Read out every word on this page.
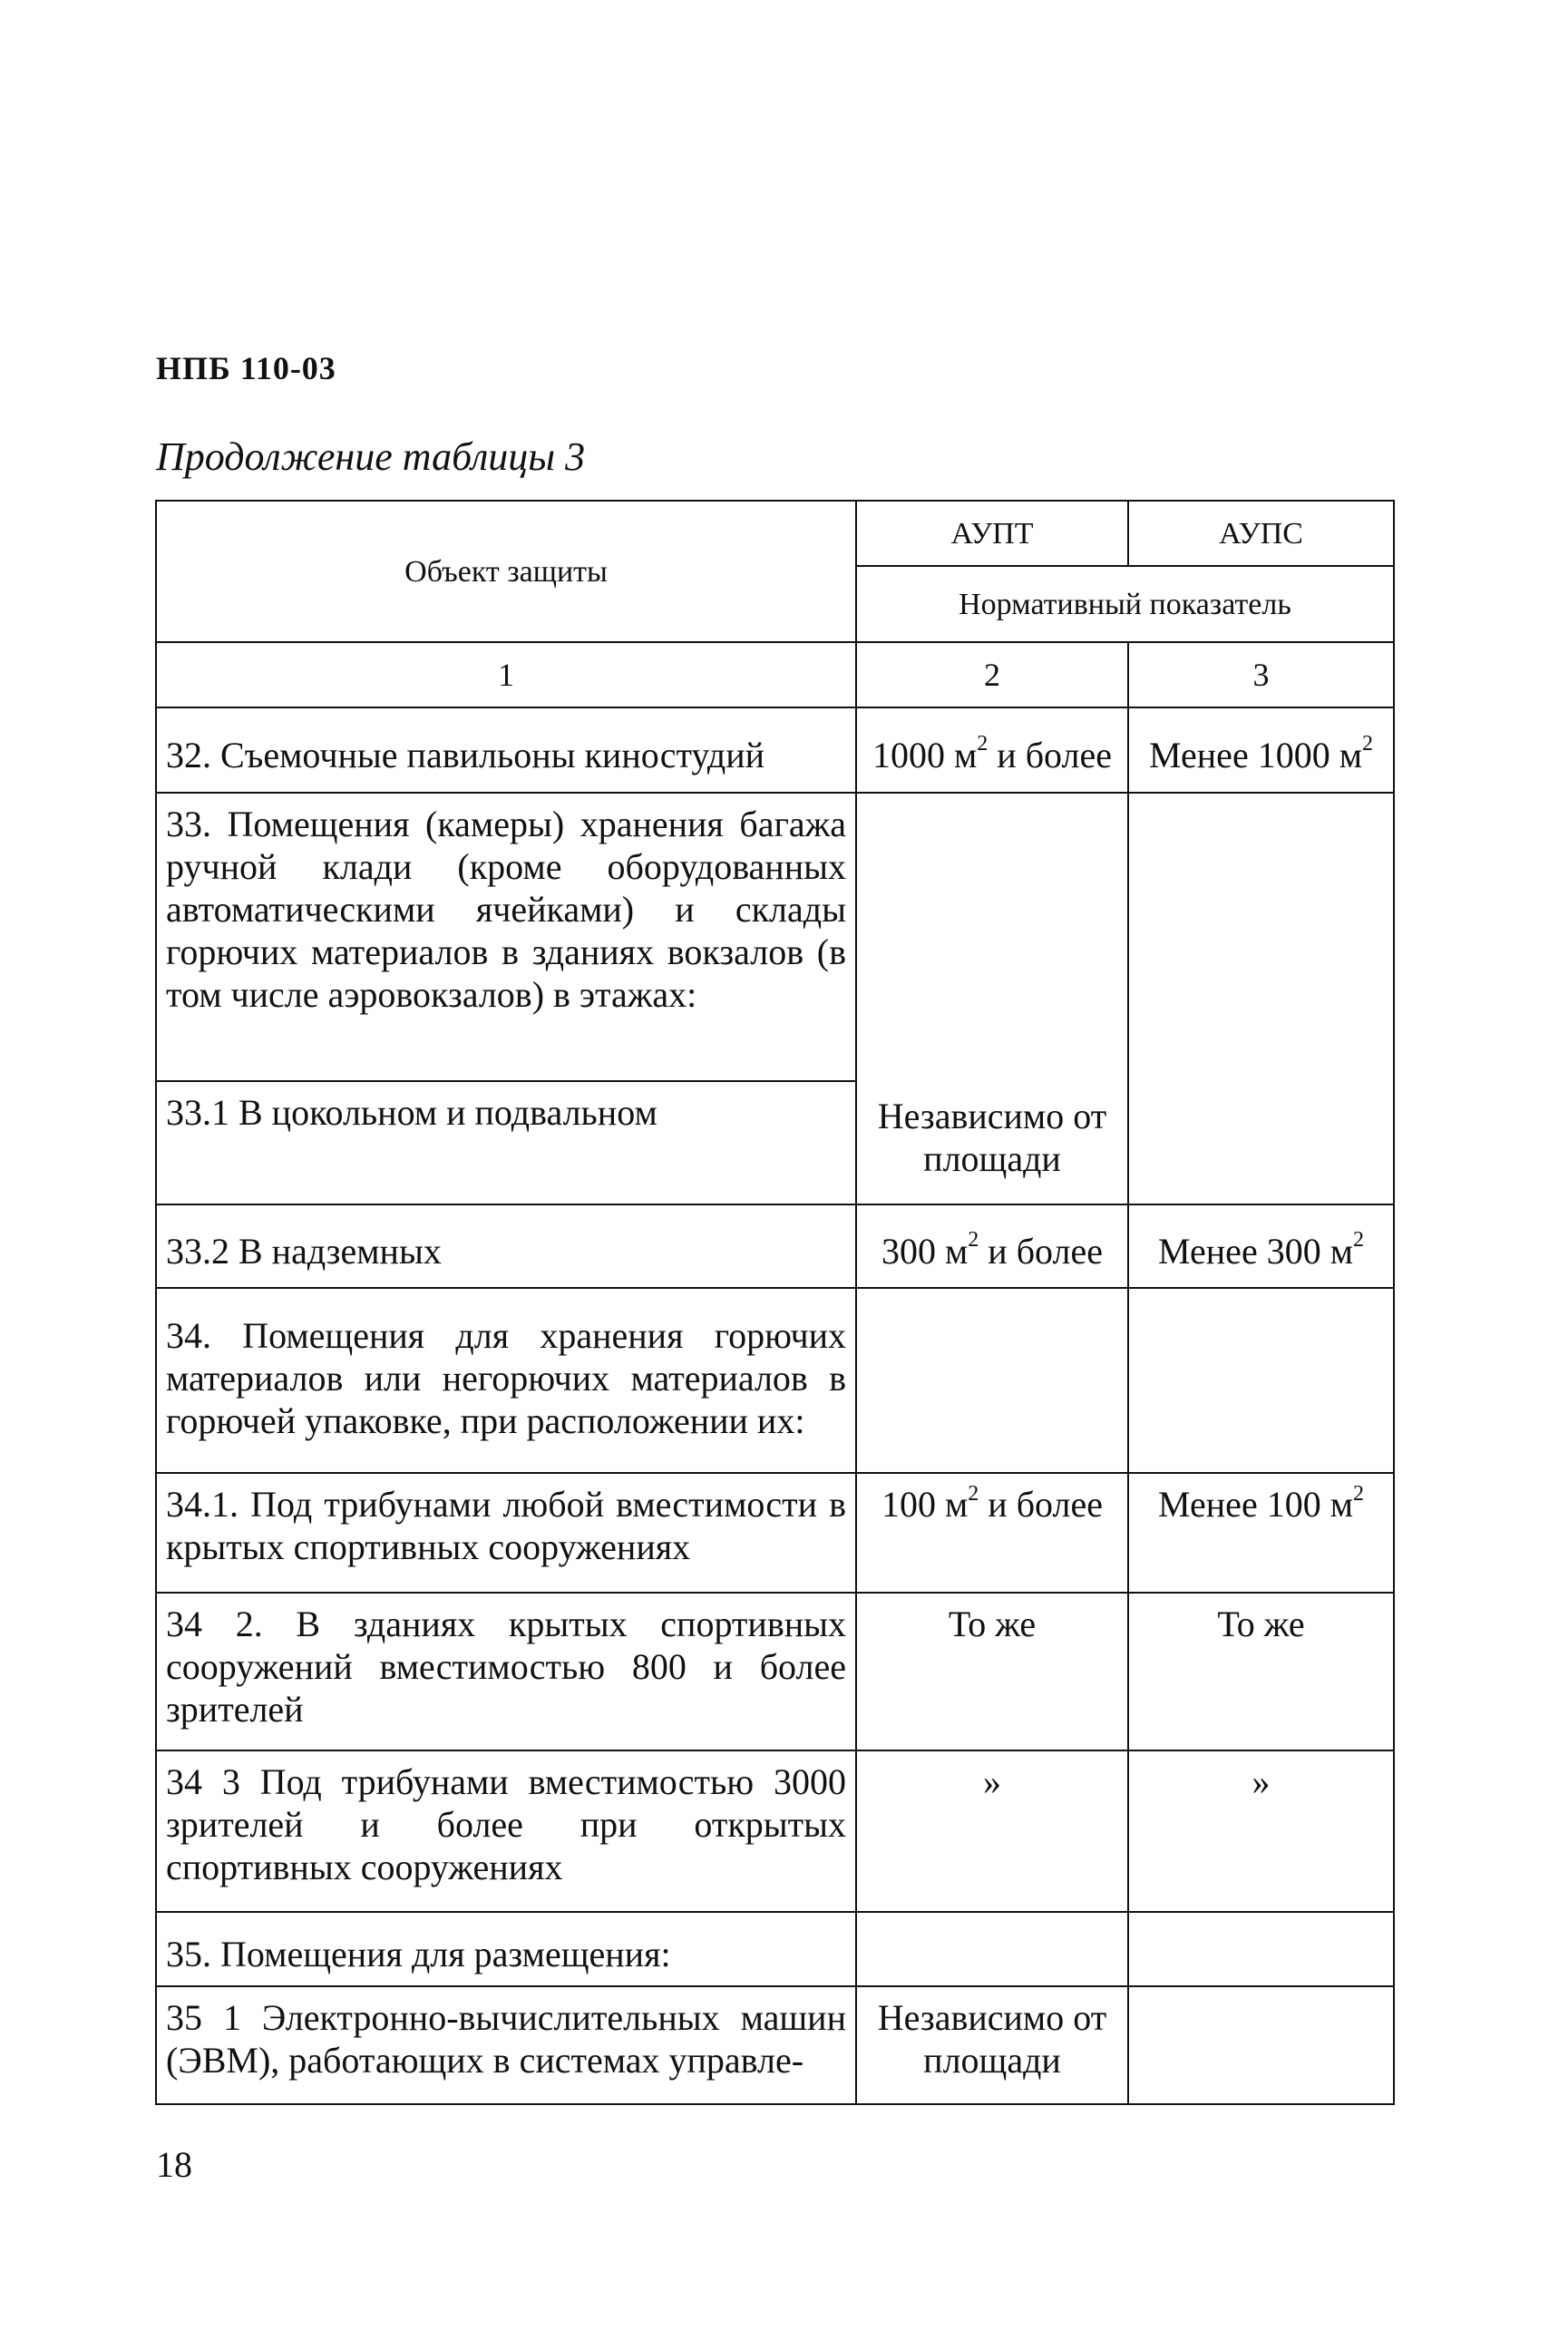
НПБ 110-03
Продолжение таблицы 3
Объект защиты	АУПТ	АУПС
	Нормативный показатель	
1	2	3
32. Съемочные павильоны киностудий	1000 $м^2$ и более	Менее 1000 $м^2$
33. Помещения (камеры) хранения багажа ручной клади (кроме оборудованных автоматическими ячейками) и склады горючих материалов в зданиях вокзалов (в том числе аэровокзалов) в этажах:	Независимо от площади	
33.1 В цокольном и подвальном		
33.2 В надземных	300 $м^2$ и более	Менее 300 $м^2$
34. Помещения для хранения горючих материалов или негорючих материалов в горючей упаковке, при расположении их:		
34.1. Под трибунами любой вместимости в крытых спортивных сооружениях	100 $м^2$ и более	Менее 100 $м^2$
34 2. В зданиях крытых спортивных сооружений вместимостью 800 и более зрителей	То же	То же
34 3 Под трибунами вместимостью 3000 зрителей и более при открытых спортивных сооружениях	»	»
35. Помещения для размещения:		
35 1 Электронно-вычислительных машин (ЭВМ), работающих в системах управле-	Независимо от площади	
18
